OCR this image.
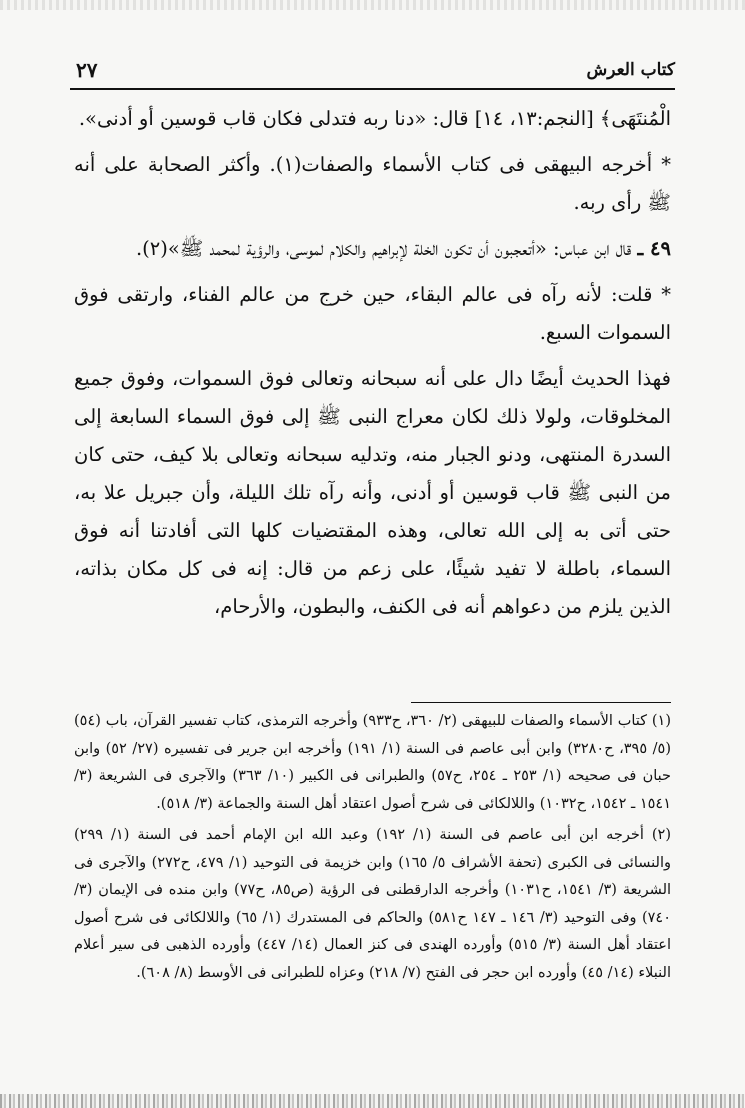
كتاب العرش
٢٧

الْمُنتَهَى﴾ [النجم:١٣، ١٤] قال: «دنا ربه فتدلى فكان قاب قوسين أو أدنى».

* أخرجه البيهقى فى كتاب الأسماء والصفات(١). وأكثر الصحابة على أنه ﷺ رأى ربه.

٤٩ ـ قال ابن عباس: «أتعجبون أن تكون الخلة لإبراهيم والكلام لموسى، والرؤية لمحمد ﷺ»(٢).

* قلت: لأنه رآه فى عالم البقاء، حين خرج من عالم الفناء، وارتقى فوق السموات السبع.

فهذا الحديث أيضًا دال على أنه سبحانه وتعالى فوق السموات، وفوق جميع المخلوقات، ولولا ذلك لكان معراج النبى ﷺ إلى فوق السماء السابعة إلى السدرة المنتهى، ودنو الجبار منه، وتدليه سبحانه وتعالى بلا كيف، حتى كان من النبى ﷺ قاب قوسين أو أدنى، وأنه رآه تلك الليلة، وأن جبريل علا به، حتى أتى به إلى الله تعالى، وهذه المقتضيات كلها التى أفادتنا أنه فوق السماء، باطلة لا تفيد شيئًا، على زعم من قال: إنه فى كل مكان بذاته، الذين يلزم من دعواهم أنه فى الكنف، والبطون، والأرحام،

(١) كتاب الأسماء والصفات للبيهقى (٢/ ٣٦٠، ح٩٣٣) وأخرجه الترمذى، كتاب تفسير القرآن، باب (٥٤) (٥/ ٣٩٥، ح٣٢٨٠) وابن أبى عاصم فى السنة (١/ ١٩١) وأخرجه ابن جرير فى تفسيره (٢٧/ ٥٢) وابن حبان فى صحيحه (١/ ٢٥٣ ـ ٢٥٤، ح٥٧) والطبرانى فى الكبير (١٠/ ٣٦٣) والآجرى فى الشريعة (٣/ ١٥٤١ ـ ١٥٤٢، ح١٠٣٢) واللالكائى فى شرح أصول اعتقاد أهل السنة والجماعة (٣/ ٥١٨).

(٢) أخرجه ابن أبى عاصم فى السنة (١/ ١٩٢) وعبد الله ابن الإمام أحمد فى السنة (١/ ٢٩٩) والنسائى فى الكبرى (تحفة الأشراف ٥/ ١٦٥) وابن خزيمة فى التوحيد (١/ ٤٧٩، ح٢٧٢) والآجرى فى الشريعة (٣/ ١٥٤١، ح١٠٣١) وأخرجه الدارقطنى فى الرؤية (ص٨٥، ح٧٧) وابن منده فى الإيمان (٣/ ٧٤٠) وفى التوحيد (٣/ ١٤٦ ـ ١٤٧ ح٥٨١) والحاكم فى المستدرك (١/ ٦٥) واللالكائى فى شرح أصول اعتقاد أهل السنة (٣/ ٥١٥) وأورده الهندى فى كنز العمال (١٤/ ٤٤٧) وأورده الذهبى فى سير أعلام النبلاء (١٤/ ٤٥) وأورده ابن حجر فى الفتح (٧/ ٢١٨) وعزاه للطبرانى فى الأوسط (٨/ ٦٠٨).
